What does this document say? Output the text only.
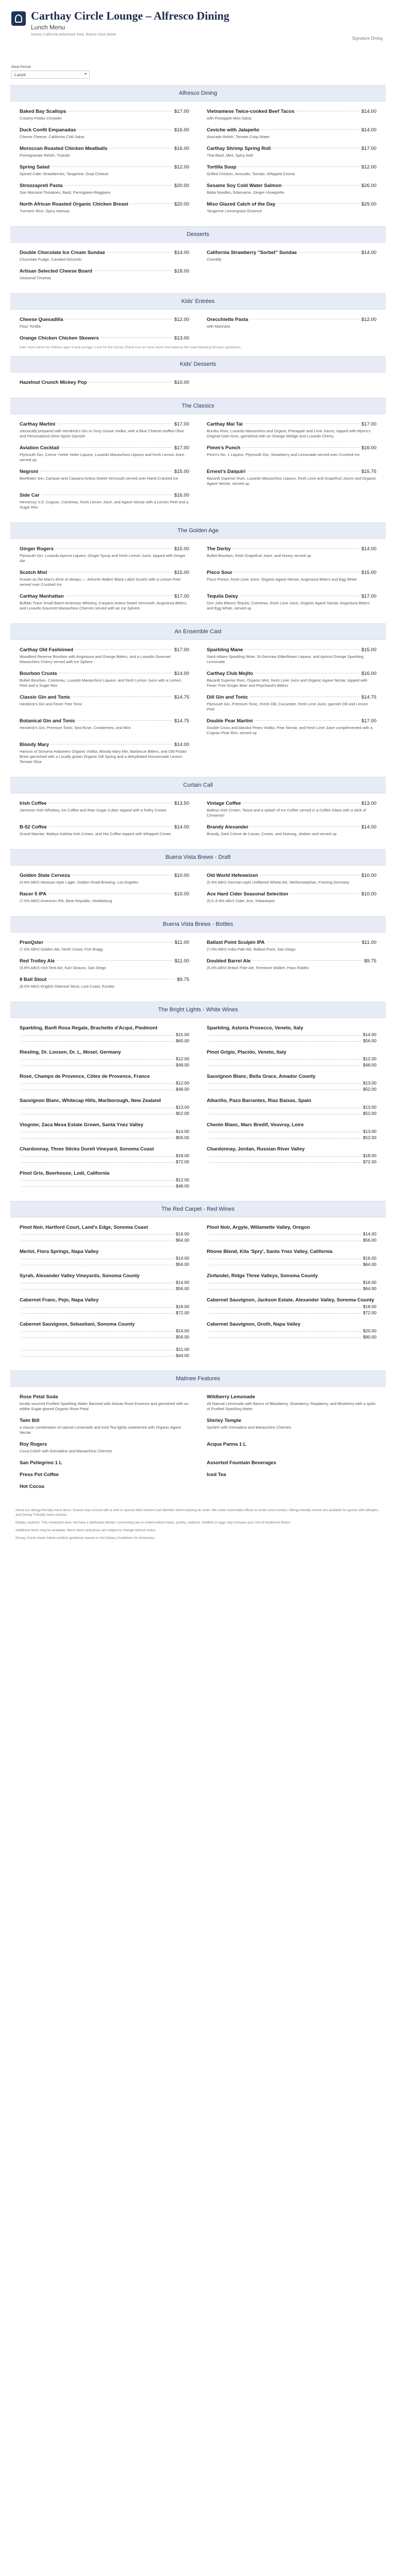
Carthay Circle Lounge – Alfresco Dining
Lunch Menu
Disney California Adventure Park, Buena Vista Street
Signature Dining
Meal Period
Lunch	▾
Alfresco Dining
Baked Bay Scallops	$17.00
Creamy Potato Chowder
Vietnamese Twice-cooked Beef Tacos	$14.00
with Pineapple-Mint Salsa
Duck Confit Empanadas	$16.00
Chevre Cheese, California Chili Salsa
Ceviche with Jalapeño	$14.00
Avocado Relish, Tomato Crisp Water
Moroccan Roasted Chicken Meatballs	$16.00
Pomegranate Relish, Tzatziki
Carthay Shrimp Spring Roll	$17.00
Thai Basil, Mint, Spicy Aioli
Spring Salad	$12.00
Spiced Cider Strawberries, Tangerine, Goat Cheese
Tortilla Soup	$12.00
Grilled Chicken, Avocado, Tomato, Whipped Crema
Stroozapreti Pasta	$20.00
San Marzano Tomatoes, Basil, Parmigiano-Reggiano
Sesame Soy Cold Water Salmon	$26.00
Baba Noodles, Edamame, Ginger-Vinaigrette
North African Roasted Organic Chicken Breast	$20.00
Turmeric Rice, Spicy Harissa
Miso Glazed Catch of the Day	$29.00
Tangerine Lemongrass Essence
Desserts
Double Chocolate Ice Cream Sundae	$14.00
Chocolate Fudge, Candied Almonds
California Strawberry "Sorbet" Sundae	$14.00
Chantilly
Artisan Selected Cheese Board	$18.00
Seasonal Chutney
Kids' Entrées
Cheese Quesadilla	$12.00
Flour Tortilla
Orecchiette Pasta	$12.00
with Marinara
Orange Chicken Chicken Skewers	$13.00
Kids' menu items for children ages 9 and younger. Look for the Disney Check icon on menu items that balance the meal following Disney's guidelines.
Kids' Desserts
Hazelnut Crunch Mickey Pop	$10.00
The Classics
Carthay Martini	$17.00
classically prepared with Hendrick's Gin or Grey Goose Vodka, with a Blue Cheese-stuffed Olive and Personalized Olive-Spine Garnish
Carthay Mai Tai	$17.00
Bumbu Rum, Luxardo Maraschino and Orgeat, Pineapple and Lime Juices, topped with Myers's Original Dark Rum, garnished with an Orange Wedge and Luxardo Cherry
Aviation Cocktail	$17.00
Plymouth Gin, Crème Yvette Violet Liqueur, Luxardo Maraschino Liqueur and fresh Lemon Juice, served up
Pimm's Punch	$16.00
Pimm's No. 1 Liqueur, Plymouth Gin, Strawberry and Lemonade served over Crushed Ice
Negroni	$15.00
Beefeater Gin, Campari and Carpano Antica Sweet Vermouth served over Hand-Cracked Ice
Ernest's Daiquiri	$15.75
Bacardi Superior Rum, Luxardo Maraschino Liqueur, fresh Lime and Grapefruit Juices and Organic Agave Nectar, served up
Side Car	$16.00
Hennessy V.S. Cognac, Cointreau, fresh Lemon Juice, and Agave Nectar with a Lemon Peel and a Sugar Rim
The Golden Age
Ginger Rogers	$15.00
Plymouth Gin, Luxardo Apricot Liqueur, Ginger Syrup and fresh Lemon Juice, topped with Ginger Ale
The Derby	$14.00
Bulleit Bourbon, fresh Grapefruit Juice, and Honey served up
Scotch Mist	$15.00
Known as the Man's drink of always — Johnnie Walker Black Label Scotch with a Lemon Peel served over Crushed Ice
Pisco Sour	$15.00
Pisco Porton, fresh Lime Juice, Organic Agave Nectar, Angostura Bitters and Egg White
Carthay Manhattan	$17.00
Buffalo Trace Small Batch American Whiskey, Carpano Antica Sweet Vermouth, Angostura Bitters, and Luxardo Gourmet Maraschino Cherries served with an Ice Sphere
Tequila Daisy	$17.00
Don Julio Blanco Tequila, Cointreau, fresh Lime Juice, Organic Agave Nectar, Angostura Bitters and Egg White, served up
An Ensemble Cast
Carthay Old Fashioned	$17.00
Woodford Reserve Bourbon with Angostura and Orange Bitters, and a Luxardo Gourmet Maraschino Cherry served with Ice Sphere
Sparkling Mane	$15.00
Saint Hilaire Sparkling Wine, St-Germain Elderflower Liqueur, and Apricot Orange Sparkling Lemonade
Bourbon Crusta	$14.00
Bulleit Bourbon, Cointreau, Luxardo Maraschino Liqueur, and fresh Lemon Juice with a Lemon Peel and a Sugar Rim
Carthay Club Mojito	$16.00
Bacardi Superior Rum, Organic Mint, fresh Lime Juice and Organic Agave Nectar, topped with Fever-Tree Ginger Beer and Peychaud's Bitters
Classic Gin and Tonic	$14.75
Hendrick's Gin and Fever-Tree Tonic
Dill Gin and Tonic	$14.75
Plymouth Gin, Premium Tonic, Fresh Dill, Cucumber, fresh Lime Juice, garnish Dill and Lemon Peel
Botanical Gin and Tonic	$14.75
Hendrick's Gin, Premium Tonic, Sea Rose, Cranberries, and Mint
Double Pear Martini	$17.00
Double Cross and Absolut Pears Vodka, Pear Nectar, and fresh Lime Juice complemented with a Cognac-Pear Rim, served up
Bloody Mary	$14.00
Hanson of Sonoma Habanero Organic Vodka, Bloody Mary Mix, Barbecue Bitters, and Old Potato Brine garnished with a Locally grown Organic Dill Spring and a dehydrated Housemade Lemon-Tomato Slice
Curtain Call
Irish Coffee	$13.50
Jameson Irish Whiskey, Ice Coffee and Raw Sugar Cubes topped with a frothy Cream
Vintage Coffee	$13.00
Baileys Irish Cream, Tasca and a splash of Ice Coffee served in a Coffee Glass with a stick of Cinnamon
B-52 Coffee	$14.00
Grand Marnier, Baileys Kahlúa Irish Cream, and Hot Coffee topped with Whipped Cream
Brandy Alexander	$14.00
Brandy, Dark Crème de Cacao, Cream, and Nutmeg, shaken and served up
Buena Vista Brews - Draft
Golden State Cerveza	$10.00
(4.8% ABV) Mexican-style Lager, Golden Road Brewing, Los Angeles
Old World Hefeweizen	$10.00
(5.4% ABV) German-style Unfiltered Wheat Ale, Weihenstephan, Freising Germany
Racer 5 IPA	$10.00
(7.0% ABV) American IPA, Bear Republic, Healdsburg
Ace Hard Cider Seasonal Selection	$10.00
(5.0–6.9% ABV) Cider, Ace, Sebastopol
Buena Vista Brews - Bottles
PranQster	$11.00
(7.6% ABV) Golden Ale, North Coast, Fort Bragg
Ballast Point Sculpin IPA	$11.00
(7.0% ABV) India Pale Ale, Ballast Point, San Diego
Red Trolley Ale	$11.00
(5.8% ABV) Irish Red Ale, Karl Strauss, San Diego
Doubled Barrel Ale	$9.75
(5.0% ABV) British Pale Ale, Firestone Walker, Paso Robles
8 Ball Stout	$9.75
(8.0% ABV) English Oatmeal Stout, Lost Coast, Eureka
The Bright Lights - White Wines
Sparkling, Banfi Rosa Regale, Brachetto d'Acqui, Piedmont
$15.00
$60.00
Sparkling, Astoria Prosecco, Veneto, Italy
$14.00
$56.00
Riesling, Dr. Loosen, Dr. L, Mosel, Germany
$12.00
$48.00
Pinot Grigio, Placido, Veneto, Italy
$12.00
$48.00
Rosé, Champs de Provence, Côtes de Provence, France
$12.00
$48.00
Sauvignon Blanc, Bella Grace, Amador County
$13.00
$52.00
Sauvignon Blanc, Whitecap Hills, Marlborough, New Zealand
$13.00
$52.00
Albariño, Pazo Barrantes, Rias Baixas, Spain
$13.00
$52.00
Viognier, Zaca Mesa Estate Grown, Santa Ynez Valley
$14.00
$56.00
Chenin Blanc, Marc Bredif, Vouvray, Loire
$13.00
$52.00
Chardonnay, Three Sticks Durell Vineyard, Sonoma Coast
$18.00
$72.00
Chardonnay, Jordan, Russian River Valley
$18.00
$72.00
Pinot Gris, Beerhouse, Lodi, California
$12.00
$48.00
The Red Carpet - Red Wines
Pinot Noir, Hartford Court, Land's Edge, Sonoma Coast
$16.00
$64.00
Pinot Noir, Argyle, Willamette Valley, Oregon
$14.00
$56.00
Merlot, Flora Springs, Napa Valley
$14.00
$56.00
Rhone Blend, Kita 'Spry', Santa Ynez Valley, California
$16.00
$64.00
Syrah, Alexander Valley Vineyards, Sonoma County
$14.00
$56.00
Zinfandel, Ridge Three Valleys, Sonoma County
$16.00
$64.00
Cabernet Franc, Pejo, Napa Valley
$18.00
$72.00
Cabernet Sauvignon, Jackson Estate, Alexander Valley, Sonoma County
$18.00
$72.00
Cabernet Sauvignon, Sebastiani, Sonoma County
$14.00
$56.00
Cabernet Sauvignon, Groth, Napa Valley
$20.00
$80.00
$11.00
$44.00
Matinee Features
Rose Petal Soda
locally sourced Purified Sparkling Water flavored with Artisan Rose Essence and garnished with an edible Sugar-glazed Organic Rose Petal
Wildberry Lemonade
All Natural Lemonade with flavors of Blackberry, Strawberry, Raspberry, and Blueberry with a spritz of Purified Sparkling Water
Twin Bill
a classic combination of natural Lemonade and Iced Tea lightly sweetened with Organic Agave Nectar
Shirley Temple
Sprite® with Grenadine and Maraschino Cherries
Roy Rogers
Coca-Cola® with Grenadine and Maraschino Cherries
Acqua Panna 1 L
San Pellegrino 1 L	Assorted Fountain Beverages
Press Pot Coffee	Iced Tea
Hot Cocoa

About our allergy-friendly menu items: Guests may consult with a chef or special diets trained Cast Member before placing an order. We make reasonable efforts to avoid cross-contact. Allergy-friendly menus are available for guests with allergies, and Disney Friendly menu choices.

Dietary cautions: This restaurant does not have a dedicated kitchen; consuming raw or undercooked meats, poultry, seafood, shellfish or eggs may increase your risk of foodborne illness.

Additional items may be available. Menu items and prices are subject to change without notice.

Disney Check meals follow nutrition guidelines based on the Dietary Guidelines for Americans.
